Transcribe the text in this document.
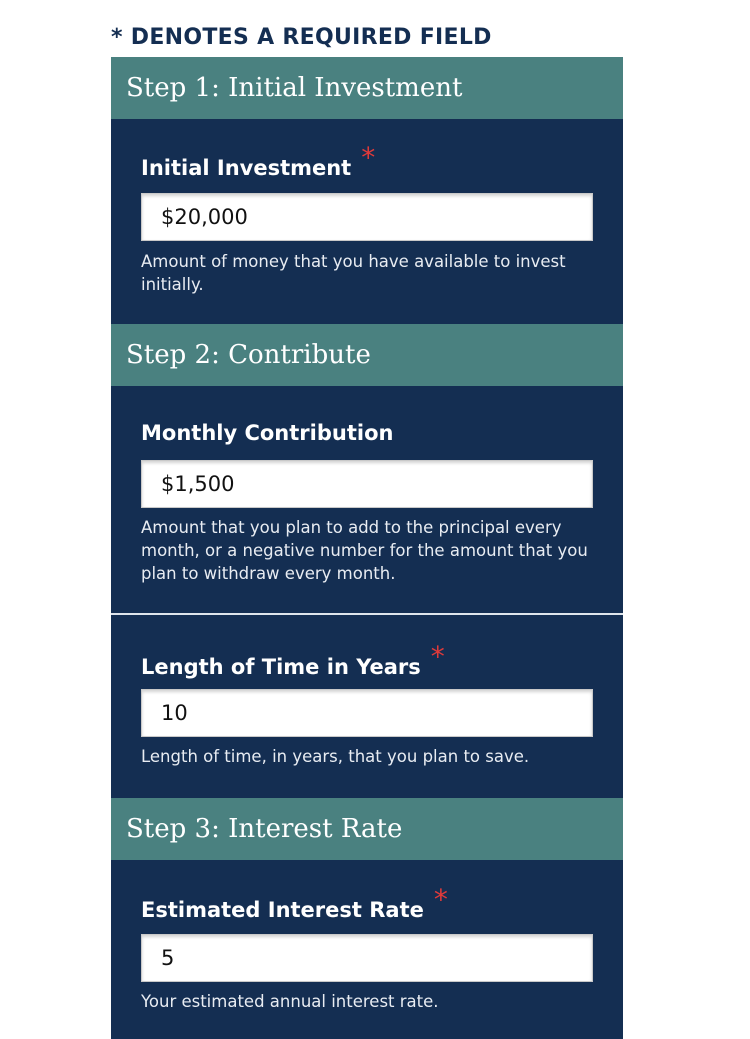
* DENOTES A REQUIRED FIELD
Step 1: Initial Investment
Initial Investment *
$20,000
Amount of money that you have available to invest initially.
Step 2: Contribute
Monthly Contribution
$1,500
Amount that you plan to add to the principal every month, or a negative number for the amount that you plan to withdraw every month.
Length of Time in Years *
10
Length of time, in years, that you plan to save.
Step 3: Interest Rate
Estimated Interest Rate *
5
Your estimated annual interest rate.
